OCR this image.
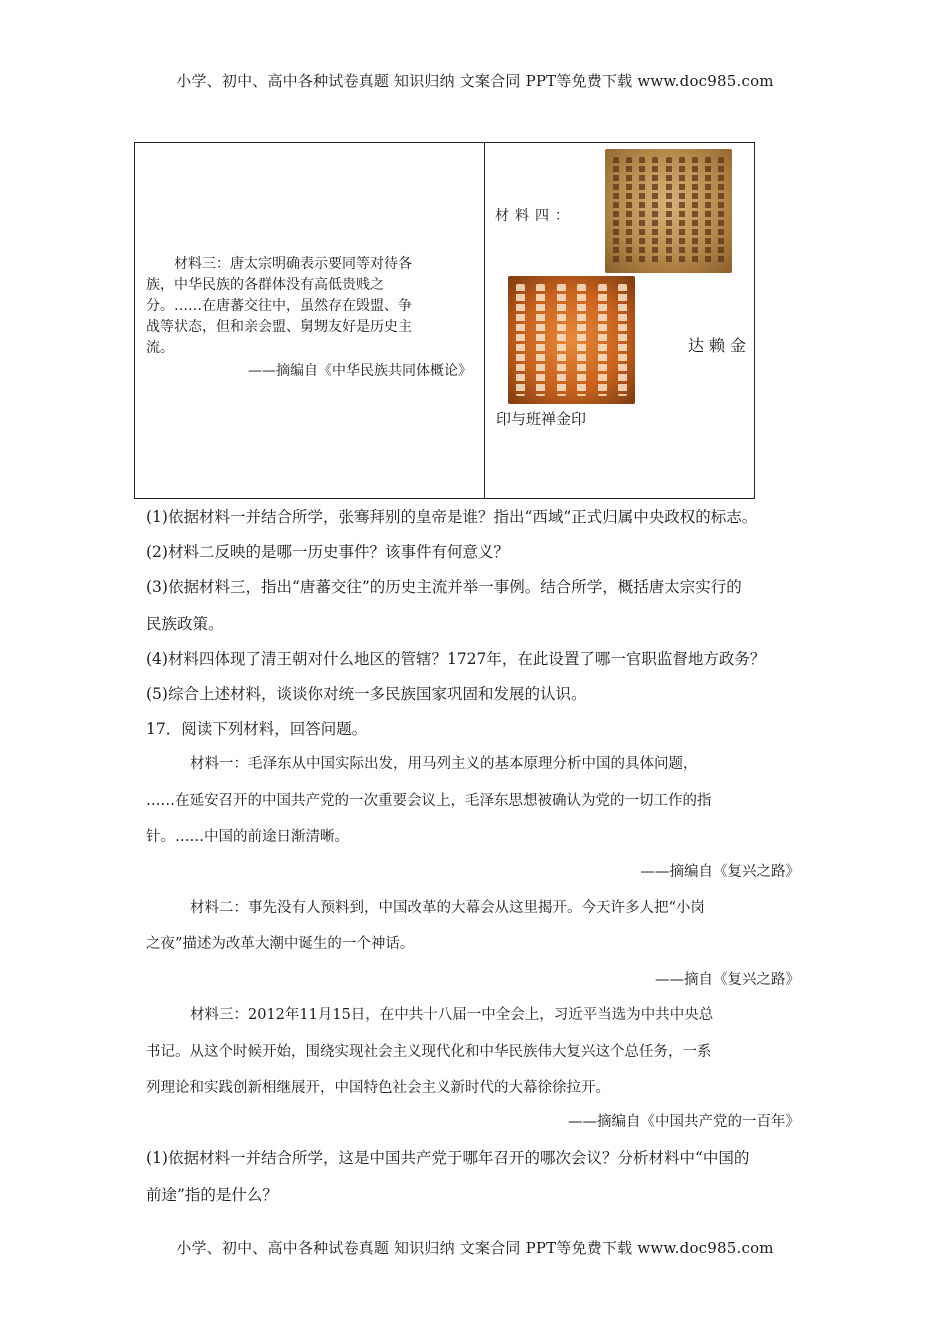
小学、初中、高中各种试卷真题 知识归纳 文案合同 PPT等免费下载 www.doc985.com

材料三：唐太宗明确表示要同等对待各

族，中华民族的各群体没有高低贵贱之

分。……在唐蕃交往中，虽然存在毁盟、争

战等状态，但和亲会盟、舅甥友好是历史主

流。

——摘编自《中华民族共同体概论》

材料四：
达赖金
印与班禅金印
(1)依据材料一并结合所学，张骞拜别的皇帝是谁？指出“西域”正式归属中央政权的标志。
(2)材料二反映的是哪一历史事件？该事件有何意义？
(3)依据材料三，指出“唐蕃交往”的历史主流并举一事例。结合所学，概括唐太宗实行的
民族政策。
(4)材料四体现了清王朝对什么地区的管辖？1727年，在此设置了哪一官职监督地方政务？
(5)综合上述材料，谈谈你对统一多民族国家巩固和发展的认识。
17．阅读下列材料，回答问题。
材料一：毛泽东从中国实际出发，用马列主义的基本原理分析中国的具体问题，
……在延安召开的中国共产党的一次重要会议上，毛泽东思想被确认为党的一切工作的指
针。……中国的前途日渐清晰。
——摘编自《复兴之路》
材料二：事先没有人预料到，中国改革的大幕会从这里揭开。今天许多人把“小岗
之夜”描述为改革大潮中诞生的一个神话。
——摘自《复兴之路》
材料三：2012年11月15日，在中共十八届一中全会上，习近平当选为中共中央总
书记。从这个时候开始，围绕实现社会主义现代化和中华民族伟大复兴这个总任务，一系
列理论和实践创新相继展开，中国特色社会主义新时代的大幕徐徐拉开。
——摘编自《中国共产党的一百年》
(1)依据材料一并结合所学，这是中国共产党于哪年召开的哪次会议？分析材料中“中国的
前途”指的是什么？
小学、初中、高中各种试卷真题 知识归纳 文案合同 PPT等免费下载 www.doc985.com
